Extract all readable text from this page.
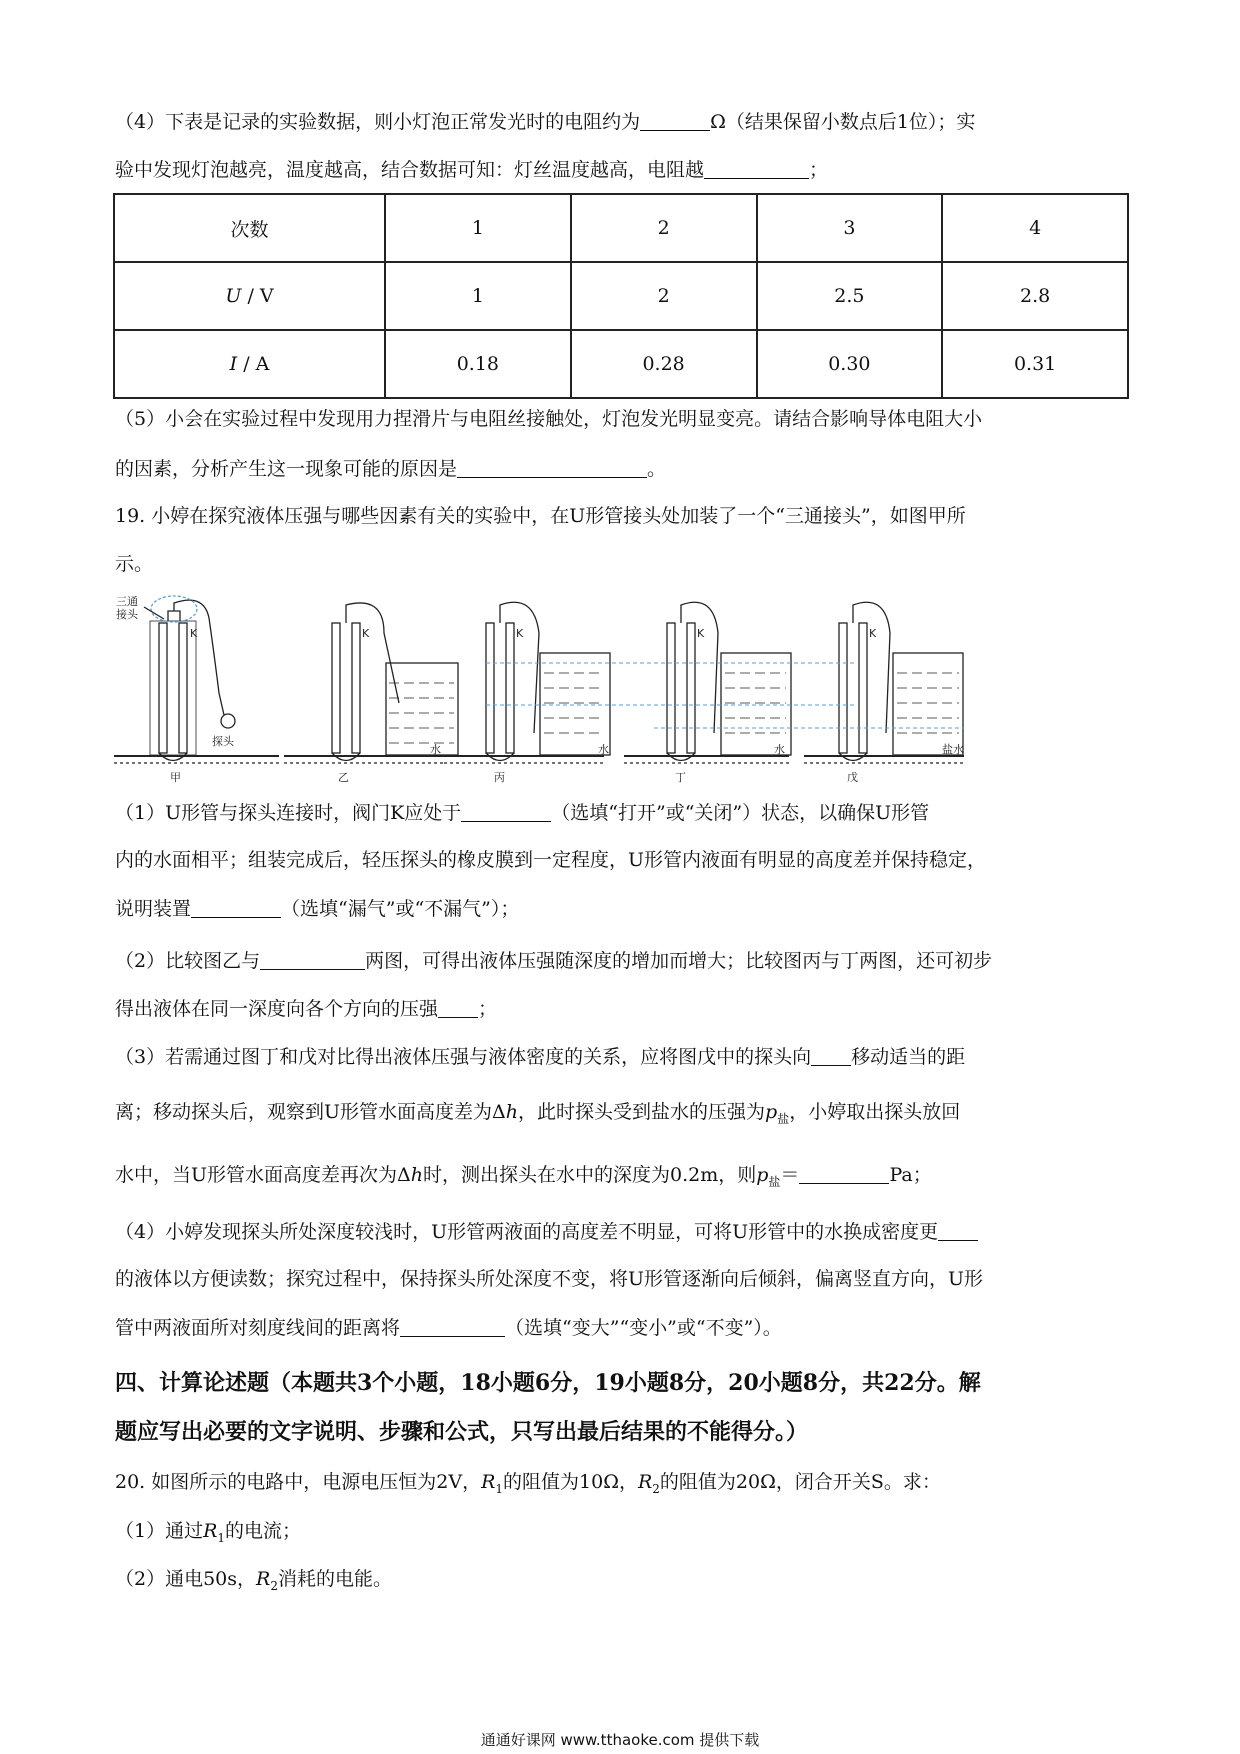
（4）下表是记录的实验数据，则小灯泡正常发光时的电阻约为	Ω（结果保留小数点后1位）；实
验中发现灯泡越亮，温度越高，结合数据可知：灯丝温度越高，电阻越	；
次数	1	2	3	4
U / V	1	2	2.5	2.8
I / A	0.18	0.28	0.30	0.31
（5）小会在实验过程中发现用力捏滑片与电阻丝接触处，灯泡发光明显变亮。请结合影响导体电阻大小
的因素，分析产生这一现象可能的原因是	。
19. 小婷在探究液体压强与哪些因素有关的实验中，在U形管接头处加装了一个“三通接头”，如图甲所
示。
三通
接头
K	K	K	K	K
探头
水	水	水	盐水
甲	乙	丙	丁	戊
（1）U形管与探头连接时，阀门K应处于	（选填“打开”或“关闭”）状态，以确保U形管
内的水面相平；组装完成后，轻压探头的橡皮膜到一定程度，U形管内液面有明显的高度差并保持稳定，
说明装置	（选填“漏气”或“不漏气”）；
（2）比较图乙与	两图，可得出液体压强随深度的增加而增大；比较图丙与丁两图，还可初步
得出液体在同一深度向各个方向的压强 ；
（3）若需通过图丁和戊对比得出液体压强与液体密度的关系，应将图戊中的探头向 移动适当的距
离；移动探头后，观察到U形管水面高度差为Δh，此时探头受到盐水的压强为$p_盐$，小婷取出探头放回
水中，当U形管水面高度差再次为Δh时，测出探头在水中的深度为0.2m，则$p_盐=$	Pa；
（4）小婷发现探头所处深度较浅时，U形管两液面的高度差不明显，可将U形管中的水换成密度更
的液体以方便读数；探究过程中，保持探头所处深度不变，将U形管逐渐向后倾斜，偏离竖直方向，U形
管中两液面所对刻度线间的距离将	（选填“变大”“变小”或“不变”）。
四、计算论述题（本题共3个小题，18小题6分，19小题8分，20小题8分，共22分。解
题应写出必要的文字说明、步骤和公式，只写出最后结果的不能得分。）
20. 如图所示的电路中，电源电压恒为2V，$R_1$的阻值为10Ω，$R_2$的阻值为20Ω，闭合开关S。求：
（1）通过$R_1$的电流；
（2）通电50s，$R_2$消耗的电能。
通通好课网 www.tthaoke.com 提供下载
